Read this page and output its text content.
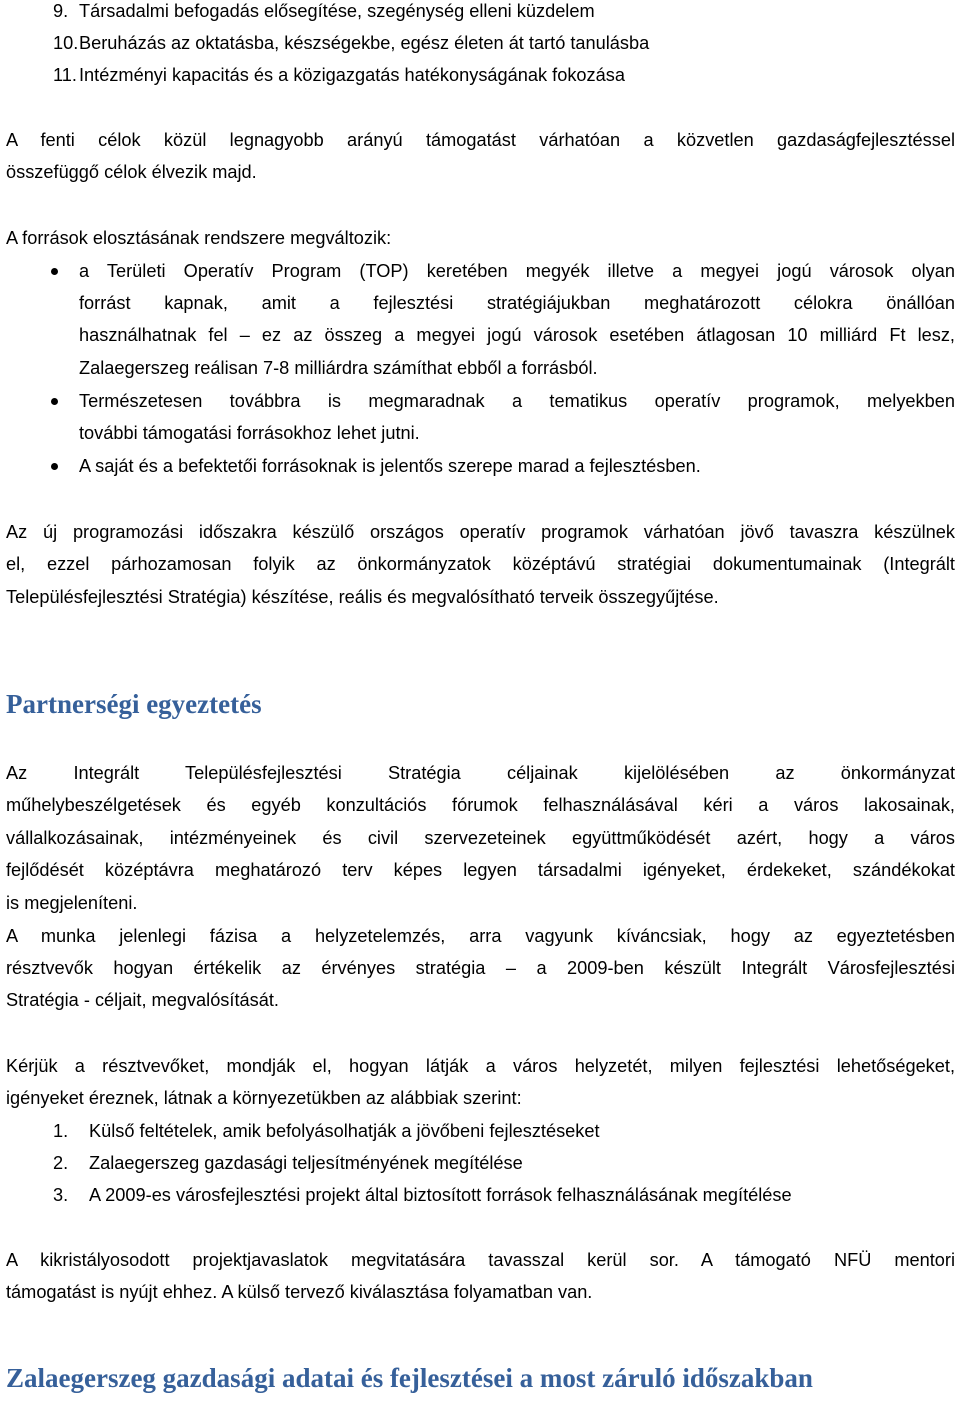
9. Társadalmi befogadás elősegítése, szegénység elleni küzdelem
10. Beruházás az oktatásba, készségekbe, egész életen át tartó tanulásba
11. Intézményi kapacitás és a közigazgatás hatékonyságának fokozása
A fenti célok közül legnagyobb arányú támogatást várhatóan a közvetlen gazdaságfejlesztéssel
összefüggő célok élvezik majd.
A források elosztásának rendszere megváltozik:
a Területi Operatív Program (TOP) keretében megyék illetve a megyei jogú városok olyan
forrást kapnak, amit a fejlesztési stratégiájukban meghatározott célokra önállóan
használhatnak fel – ez az összeg a megyei jogú városok esetében átlagosan 10 milliárd Ft lesz,
Zalaegerszeg reálisan 7-8 milliárdra számíthat ebből a forrásból.
Természetesen továbbra is megmaradnak a tematikus operatív programok, melyekben
további támogatási forrásokhoz lehet jutni.
A saját és a befektetői forrásoknak is jelentős szerepe marad a fejlesztésben.
Az új programozási időszakra készülő országos operatív programok várhatóan jövő tavaszra készülnek
el, ezzel párhozamosan folyik az önkormányzatok középtávú stratégiai dokumentumainak (Integrált
Településfejlesztési Stratégia) készítése, reális és megvalósítható terveik összegyűjtése.
Partnerségi egyeztetés
Az Integrált Településfejlesztési Stratégia céljainak kijelölésében az önkormányzat
műhelybeszélgetések és egyéb konzultációs fórumok felhasználásával kéri a város lakosainak,
vállalkozásainak, intézményeinek és civil szervezeteinek együttműködését azért, hogy a város
fejlődését középtávra meghatározó terv képes legyen társadalmi igényeket, érdekeket, szándékokat
is megjeleníteni.
A munka jelenlegi fázisa a helyzetelemzés, arra vagyunk kíváncsiak, hogy az egyeztetésben
résztvevők hogyan értékelik az érvényes stratégia – a 2009-ben készült Integrált Városfejlesztési
Stratégia - céljait, megvalósítását.
Kérjük a résztvevőket, mondják el, hogyan látják a város helyzetét, milyen fejlesztési lehetőségeket,
igényeket éreznek, látnak a környezetükben az alábbiak szerint:
1. Külső feltételek, amik befolyásolhatják a jövőbeni fejlesztéseket
2. Zalaegerszeg gazdasági teljesítményének megítélése
3. A 2009-es városfejlesztési projekt által biztosított források felhasználásának megítélése
A kikristályosodott projektjavaslatok megvitatására tavasszal kerül sor. A támogató NFÜ mentori
támogatást is nyújt ehhez. A külső tervező kiválasztása folyamatban van.
Zalaegerszeg gazdasági adatai és fejlesztései a most záruló időszakban
